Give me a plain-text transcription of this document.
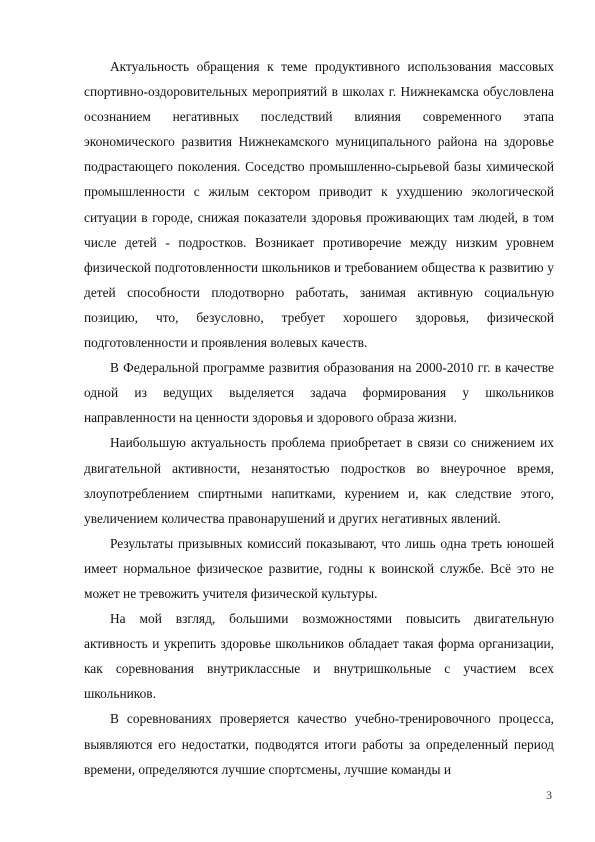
Актуальность обращения к теме продуктивного использования массовых спортивно-оздоровительных мероприятий в школах г. Нижнекамска обусловлена осознанием негативных последствий влияния современного этапа экономического развития Нижнекамского муниципального района на здоровье подрастающего поколения. Соседство промышленно-сырьевой базы химической промышленности с жилым сектором приводит к ухудшению экологической ситуации в городе, снижая показатели здоровья проживающих там людей, в том числе детей - подростков. Возникает противоречие между низким уровнем физической подготовленности школьников и требованием общества к развитию у детей способности плодотворно работать, занимая активную социальную позицию, что, безусловно, требует хорошего здоровья, физической подготовленности и проявления волевых качеств.

В Федеральной программе развития образования на 2000-2010 гг. в качестве одной из ведущих выделяется задача формирования у школьников направленности на ценности здоровья и здорового образа жизни.

Наибольшую актуальность проблема приобретает в связи со снижением их двигательной активности, незанятостью подростков во внеурочное время, злоупотреблением спиртными напитками, курением и, как следствие этого, увеличением количества правонарушений и других негативных явлений.

Результаты призывных комиссий показывают, что лишь одна треть юношей имеет нормальное физическое развитие, годны к воинской службе. Всё это не может не тревожить учителя физической культуры.

На мой взгляд, большими возможностями повысить двигательную активность и укрепить здоровье школьников обладает такая форма организации, как соревнования внутриклассные и внутришкольные с участием всех школьников.

В соревнованиях проверяется качество учебно-тренировочного процесса, выявляются его недостатки, подводятся итоги работы за определенный период времени, определяются лучшие спортсмены, лучшие команды и

3
